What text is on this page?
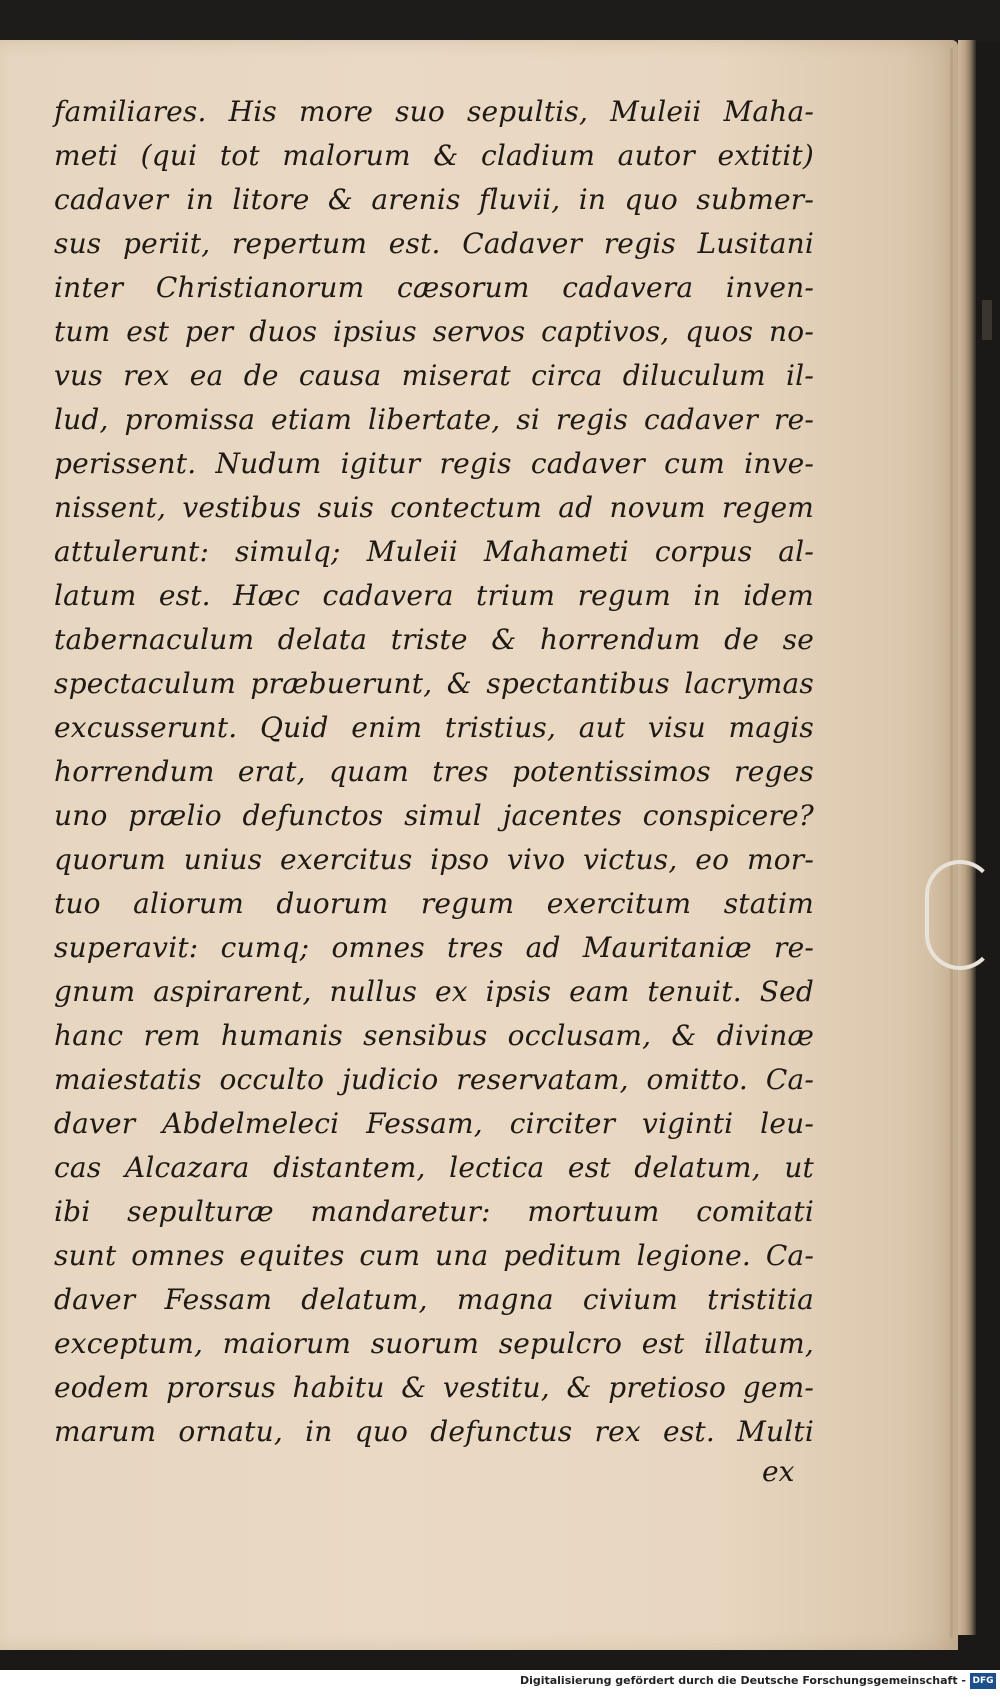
familiares. His more suo sepultis, Muleii Maha-
meti (qui tot malorum & cladium autor extitit)
cadaver in litore & arenis fluvii, in quo submer-
sus periit, repertum est. Cadaver regis Lusitani
inter Christianorum cæsorum cadavera inven-
tum est per duos ipsius servos captivos, quos no-
vus rex ea de causa miserat circa diluculum il-
lud, promissa etiam libertate, si regis cadaver re-
perissent. Nudum igitur regis cadaver cum inve-
nissent, vestibus suis contectum ad novum regem
attulerunt: simulq; Muleii Mahameti corpus al-
latum est. Hæc cadavera trium regum in idem
tabernaculum delata triste & horrendum de se
spectaculum præbuerunt, & spectantibus lacrymas
excusserunt. Quid enim tristius, aut visu magis
horrendum erat, quam tres potentissimos reges
uno prælio defunctos simul jacentes conspicere?
quorum unius exercitus ipso vivo victus, eo mor-
tuo aliorum duorum regum exercitum statim
superavit: cumq; omnes tres ad Mauritaniæ re-
gnum aspirarent, nullus ex ipsis eam tenuit. Sed
hanc rem humanis sensibus occlusam, & divinæ
maiestatis occulto judicio reservatam, omitto. Ca-
daver Abdelmeleci Fessam, circiter viginti leu-
cas Alcazara distantem, lectica est delatum, ut
ibi sepulturæ mandaretur: mortuum comitati
sunt omnes equites cum una peditum legione. Ca-
daver Fessam delatum, magna civium tristitia
exceptum, maiorum suorum sepulcro est illatum,
eodem prorsus habitu & vestitu, & pretioso gem-
marum ornatu, in quo defunctus rex est. Multi
ex
Digitalisierung gefördert durch die Deutsche Forschungsgemeinschaft - DFG
